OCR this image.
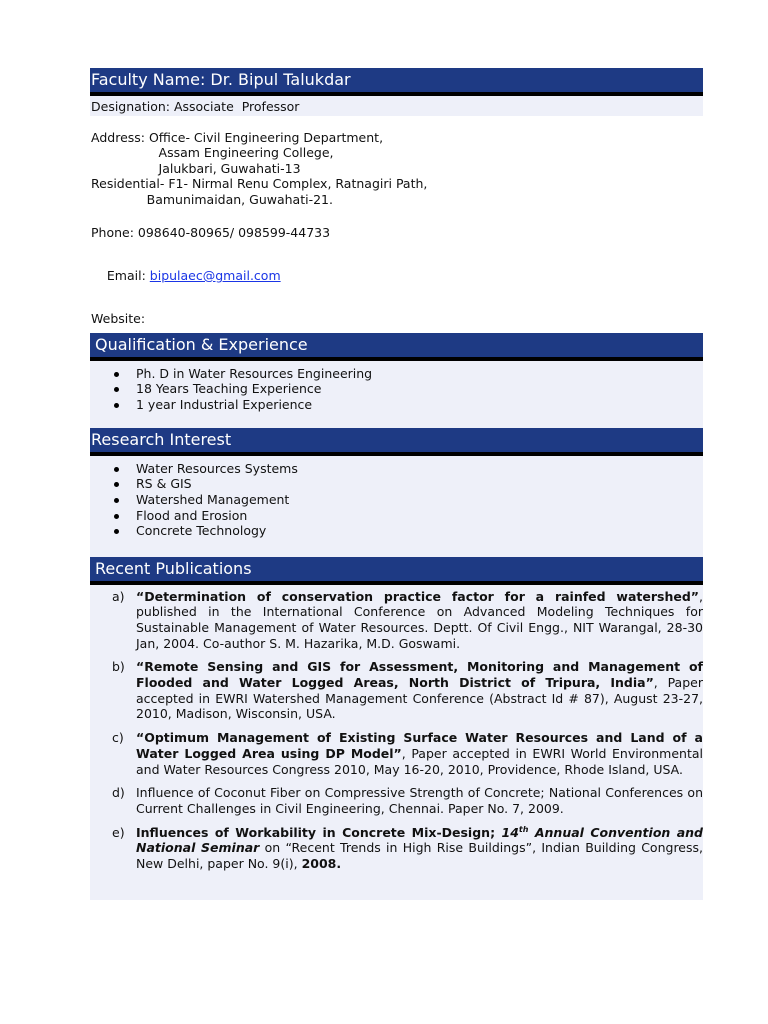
Faculty Name: Dr. Bipul Talukdar
Designation: Associate  Professor
Address: Office- Civil Engineering Department,
Assam Engineering College,
Jalukbari, Guwahati-13
Residential- F1- Nirmal Renu Complex, Ratnagiri Path,
Bamunimaidan, Guwahati-21.
Phone: 098640-80965/ 098599-44733

Email: bipulaec@gmail.com

Website:
Qualification & Experience
Ph. D in Water Resources Engineering
18 Years Teaching Experience
1 year Industrial Experience
Research Interest
Water Resources Systems
RS & GIS
Watershed Management
Flood and Erosion
Concrete Technology
Recent Publications
a) “Determination of conservation practice factor for a rainfed watershed”, published in the International Conference on Advanced Modeling Techniques for Sustainable Management of Water Resources. Deptt. Of Civil Engg., NIT Warangal, 28-30 Jan, 2004. Co-author S. M. Hazarika, M.D. Goswami.
b) “Remote Sensing and GIS for Assessment, Monitoring and Management of Flooded and Water Logged Areas, North District of Tripura, India”, Paper accepted in EWRI Watershed Management Conference (Abstract Id # 87), August 23-27, 2010, Madison, Wisconsin, USA.
c) “Optimum Management of Existing Surface Water Resources and Land of a Water Logged Area using DP Model”, Paper accepted in EWRI World Environmental and Water Resources Congress 2010, May 16-20, 2010, Providence, Rhode Island, USA.
d) Influence of Coconut Fiber on Compressive Strength of Concrete; National Conferences on Current Challenges in Civil Engineering, Chennai. Paper No. 7, 2009.
e) Influences of Workability in Concrete Mix-Design; 14th Annual Convention and National Seminar on “Recent Trends in High Rise Buildings”, Indian Building Congress, New Delhi, paper No. 9(i), 2008.
